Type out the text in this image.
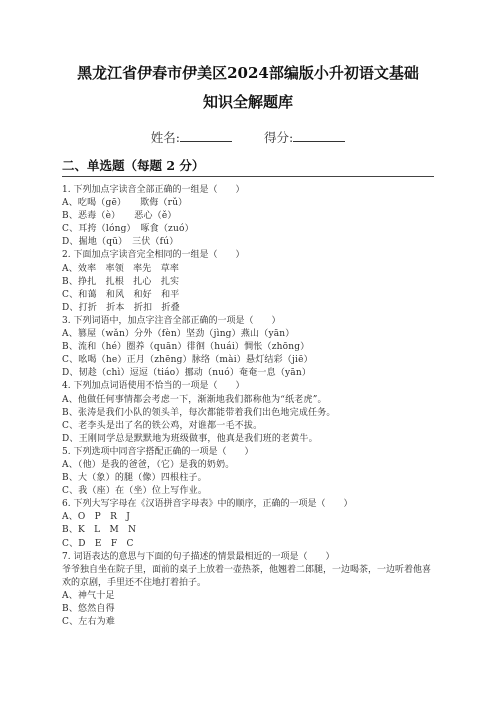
黑龙江省伊春市伊美区2024部编版小升初语文基础
知识全解题库
姓名:	得分:
二、单选题（每题 2 分）
1. 下列加点字读音全部正确的一组是（　　）
A、吃喝（gē）　　欺侮（rǔ）
B、恶毒（è）　　恶心（ě）
C、耳挎（lóng）　啄食（zuó）
D、掘地（qū）　三伏（fú）
2. 下面加点字读音完全相同的一组是（　　）
A、效率　率领　率先　草率
B、挣扎　扎根　扎心　扎实
C、和蔼　和风　和好　和平
D、打折　折本　折扣　折叠
3. 下列词语中，加点字注音全部正确的一项是（　　）
A、篡屋（wǎn）分外（fèn）坚劲（jìng）燕山（yān）
B、流和（hé）圈养（quān）徘徊（huái）惆怅（zhōng）
C、吆喝（he）正月（zhēng）脉络（mài）悬灯结彩（jiē）
D、韧趁（chì）逗逗（tiáo）挪动（nuó）奄奄一息（yān）
4. 下列加点词语使用不恰当的一项是（　　）
A、他做任何事情都会考虑一下，渐渐地我们都称他为“纸老虎”。
B、张涛是我们小队的领头羊，每次都能带着我们出色地完成任务。
C、老李头是出了名的铁公鸡，对谁都一毛不拔。
D、王刚同学总是默默地为班级做事，他真是我们班的老黄牛。
5. 下列选项中同音字搭配正确的一项是（　　）
A、（他）是我的爸爸，（它）是我的奶奶。
B、大（象）的腿（像）四根柱子。
C、我（座）在（坐）位上写作业。
6. 下列大写字母在《汉语拼音字母表》中的顺序，正确的一项是（　　）
A、O　P　R　J
B、K　L　M　N
C、D　E　F　C
7. 词语表达的意思与下面的句子描述的情景最相近的一项是（　　）
爷爷独自坐在院子里，面前的桌子上放着一壶热茶，他翘着二郎腿，一边喝茶，一边听着他喜欢的京剧，手里还不住地打着拍子。
A、神气十足
B、悠然自得
C、左右为难
